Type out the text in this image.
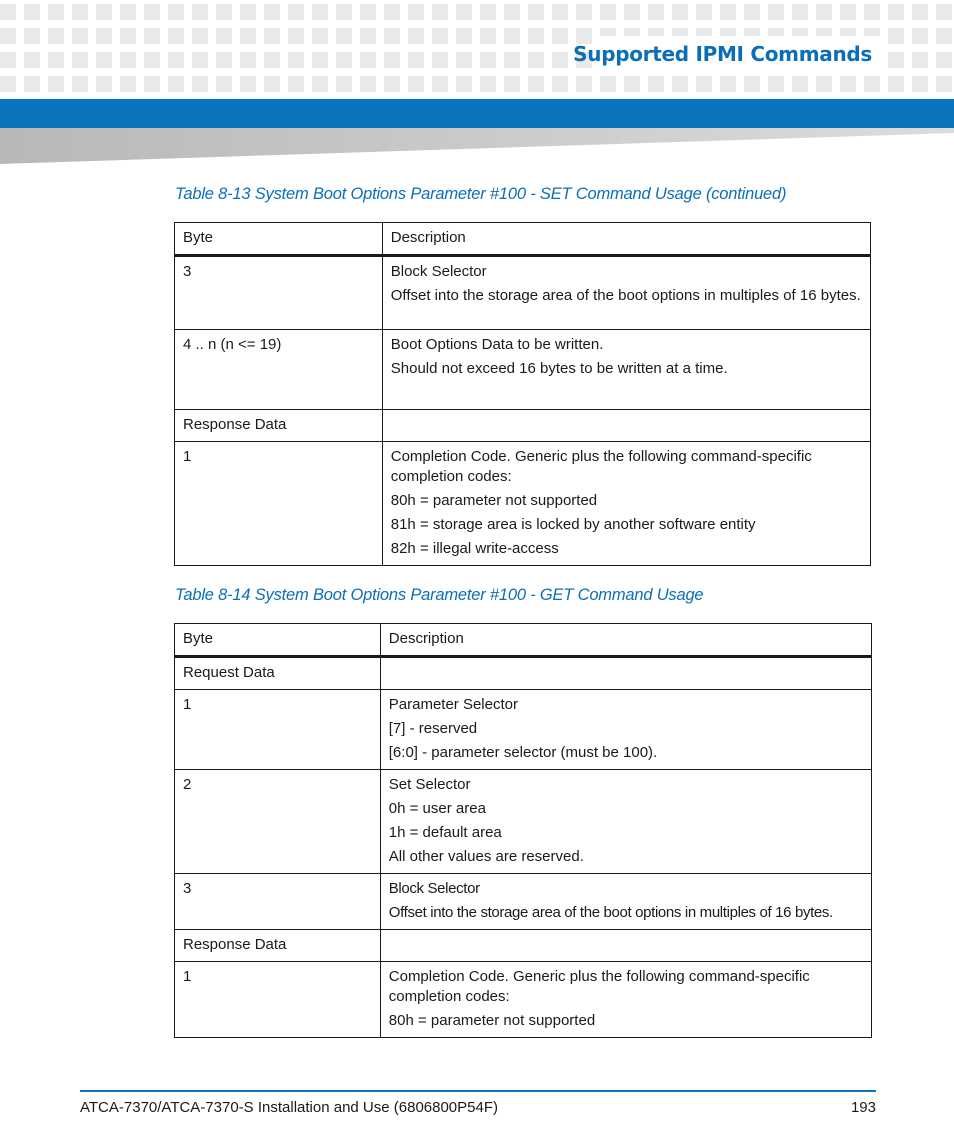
Supported IPMI Commands
Table 8-13 System Boot Options Parameter #100 - SET Command Usage (continued)
Byte	Description
3	Block Selector

Offset into the storage area of the boot options in multiples of 16 bytes.

4 .. n (n <= 19)	Boot Options Data to be written.

Should not exceed 16 bytes to be written at a time.

Response Data	
1	Completion Code. Generic plus the following command-specific completion codes:

80h = parameter not supported

81h = storage area is locked by another software entity

82h = illegal write-access

Table 8-14 System Boot Options Parameter #100 - GET Command Usage
Byte	Description
Request Data	
1	Parameter Selector

[7] - reserved

[6:0] - parameter selector (must be 100).

2	Set Selector

0h = user area

1h = default area

All other values are reserved.

3	Block Selector

Offset into the storage area of the boot options in multiples of 16 bytes.

Response Data	
1	Completion Code. Generic plus the following command-specific completion codes:

80h = parameter not supported

ATCA-7370/ATCA-7370-S Installation and Use (6806800P54F)	193
